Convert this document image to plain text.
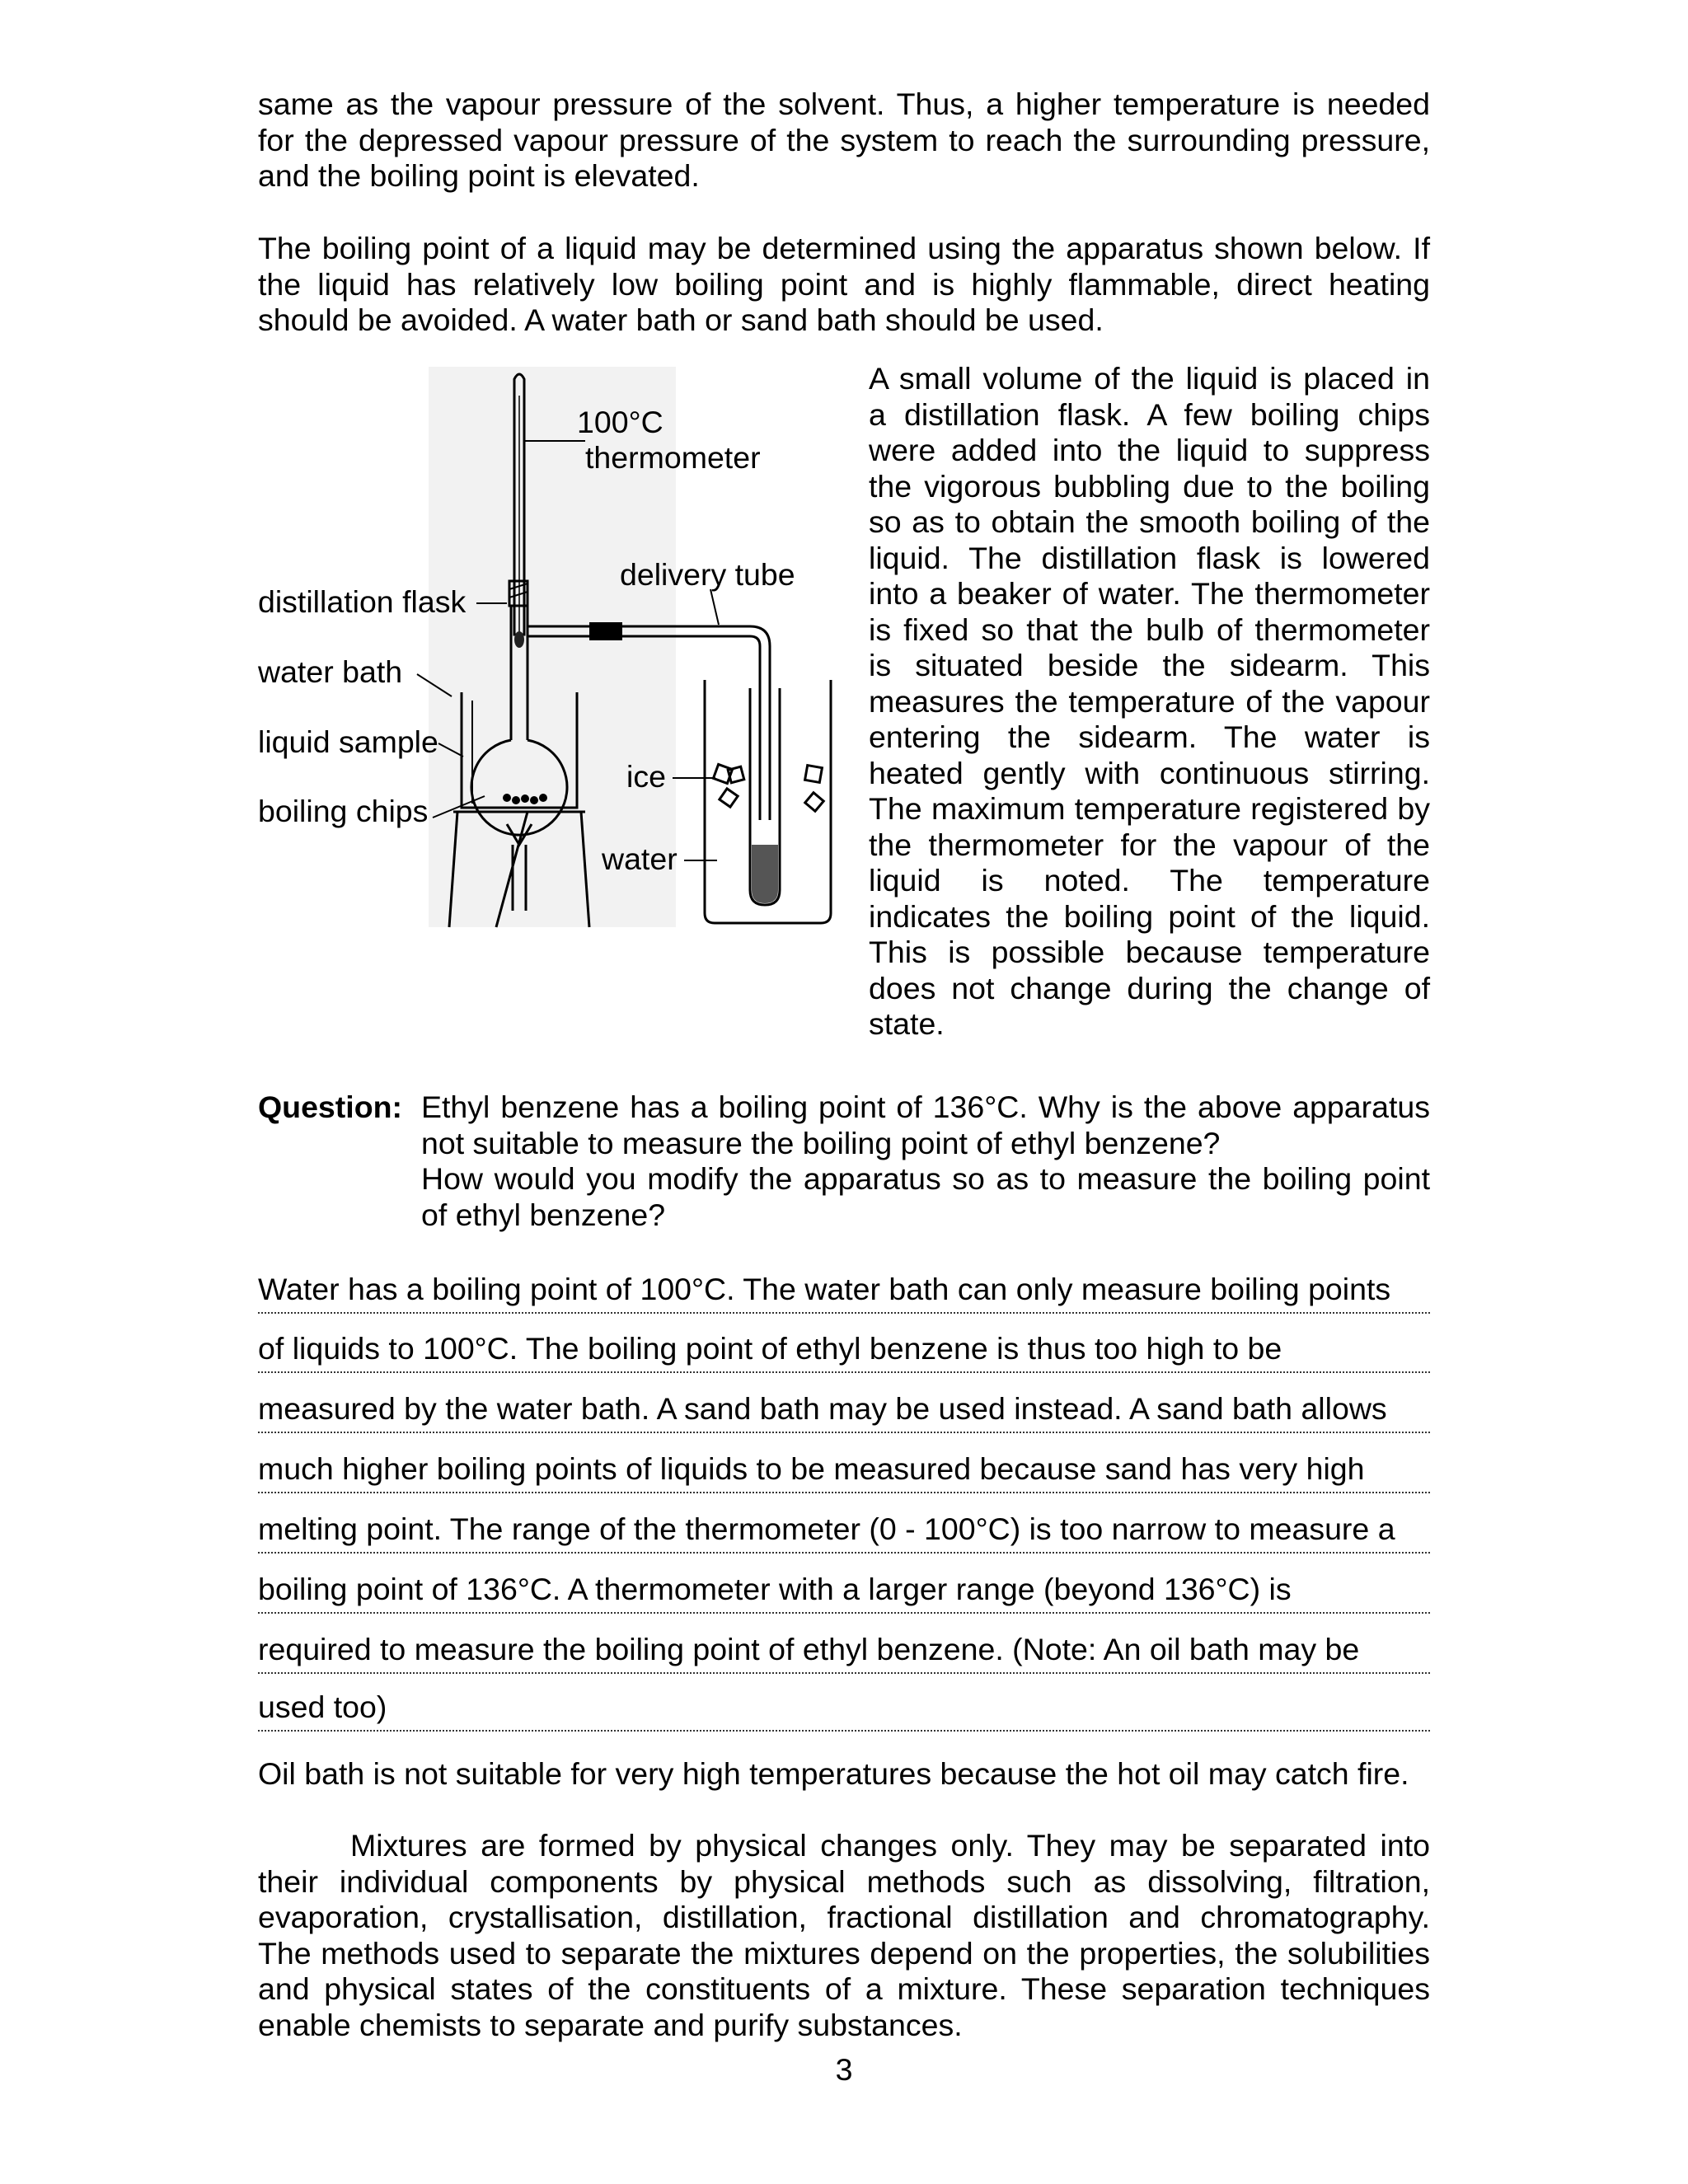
same as the vapour pressure of the solvent. Thus, a higher temperature is needed
for the depressed vapour pressure of the system to reach the surrounding pressure,
and the boiling point is elevated.
The boiling point of a liquid may be determined using the apparatus shown below. If
the liquid has relatively low boiling point and is highly flammable, direct heating
should be avoided. A water bath or sand bath should be used.
100°C
thermometer
delivery tube
distillation flask
water bath
liquid sample
boiling chips
ice
water
A small volume of the liquid is placed in
a distillation flask. A few boiling chips
were added into the liquid to suppress
the vigorous bubbling due to the boiling
so as to obtain the smooth boiling of the
liquid. The distillation flask is lowered
into a beaker of water. The thermometer
is fixed so that the bulb of thermometer
is situated beside the sidearm. This
measures the temperature of the vapour
entering the sidearm. The water is
heated gently with continuous stirring.
The maximum temperature registered by
the thermometer for the vapour of the
liquid is noted. The temperature
indicates the boiling point of the liquid.
This is possible because temperature
does not change during the change of
state.
Question: Ethyl benzene has a boiling point of 136°C. Why is the above apparatus
not suitable to measure the boiling point of ethyl benzene?
How would you modify the apparatus so as to measure the boiling point
of ethyl benzene?
Water has a boiling point of 100°C. The water bath can only measure boiling points
of liquids to 100°C. The boiling point of ethyl benzene is thus too high to be
measured by the water bath. A sand bath may be used instead. A sand bath allows
much higher boiling points of liquids to be measured because sand has very high
melting point. The range of the thermometer (0 - 100°C) is too narrow to measure a
boiling point of 136°C. A thermometer with a larger range (beyond 136°C) is
required to measure the boiling point of ethyl benzene. (Note: An oil bath may be
used too)
Oil bath is not suitable for very high temperatures because the hot oil may catch fire.
Mixtures are formed by physical changes only. They may be separated into
their individual components by physical methods such as dissolving, filtration,
evaporation, crystallisation, distillation, fractional distillation and chromatography.
The methods used to separate the mixtures depend on the properties, the solubilities
and physical states of the constituents of a mixture. These separation techniques
enable chemists to separate and purify substances.
3
